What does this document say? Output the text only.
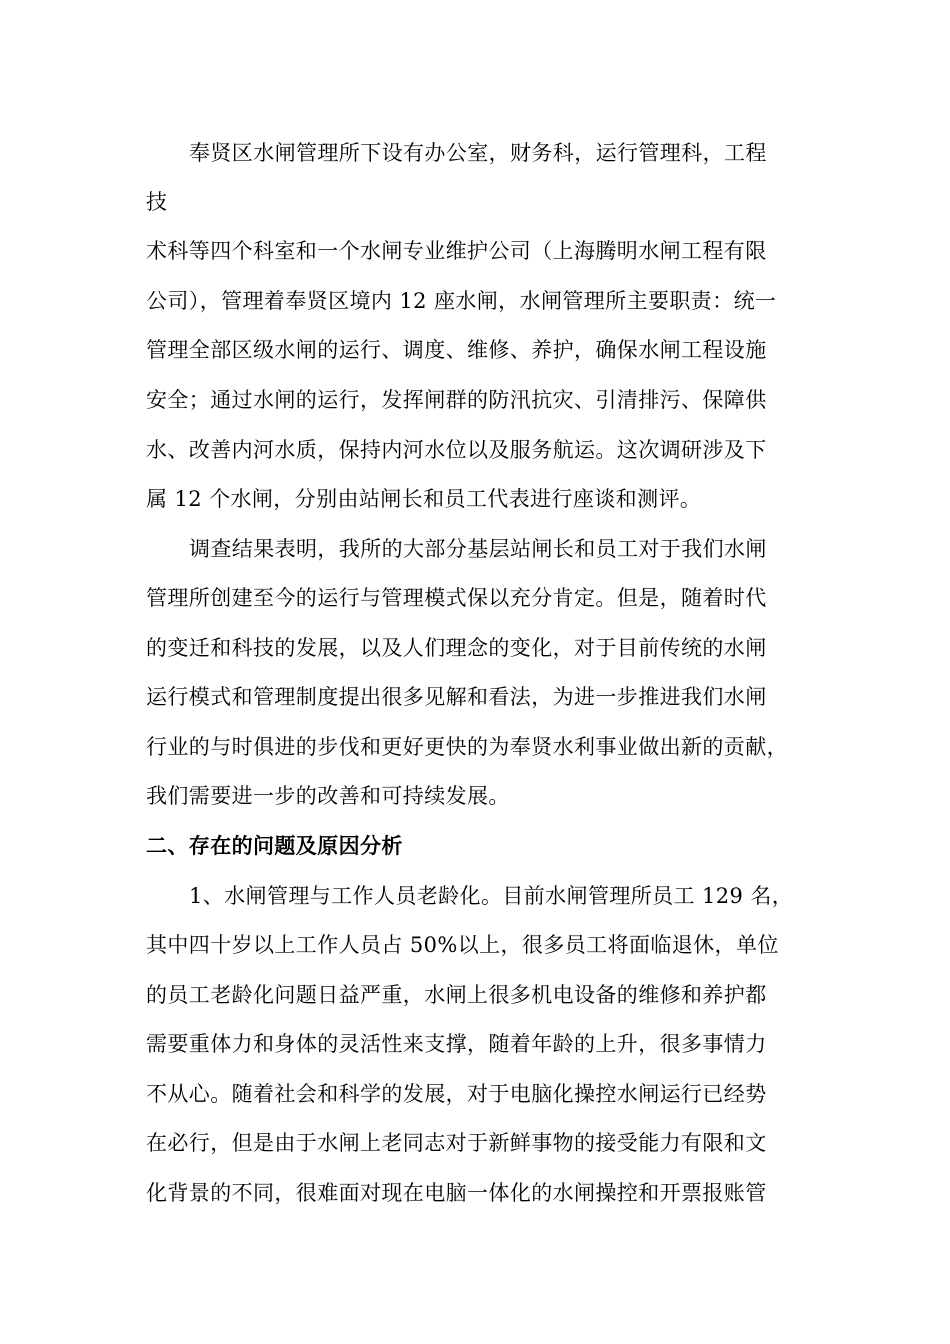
奉贤区水闸管理所下设有办公室，财务科，运行管理科，工程
技
术科等四个科室和一个水闸专业维护公司（上海腾明水闸工程有限
公司），管理着奉贤区境内 12 座水闸，水闸管理所主要职责：统一
管理全部区级水闸的运行、调度、维修、养护，确保水闸工程设施
安全；通过水闸的运行，发挥闸群的防汛抗灾、引清排污、保障供
水、改善内河水质，保持内河水位以及服务航运。这次调研涉及下
属 12 个水闸，分别由站闸长和员工代表进行座谈和测评。
调查结果表明，我所的大部分基层站闸长和员工对于我们水闸
管理所创建至今的运行与管理模式保以充分肯定。但是，随着时代
的变迁和科技的发展，以及人们理念的变化，对于目前传统的水闸
运行模式和管理制度提出很多见解和看法，为进一步推进我们水闸
行业的与时俱进的步伐和更好更快的为奉贤水利事业做出新的贡献，
我们需要进一步的改善和可持续发展。
二、存在的问题及原因分析
1、水闸管理与工作人员老龄化。目前水闸管理所员工 129 名，
其中四十岁以上工作人员占 50%以上，很多员工将面临退休，单位
的员工老龄化问题日益严重，水闸上很多机电设备的维修和养护都
需要重体力和身体的灵活性来支撑，随着年龄的上升，很多事情力
不从心。随着社会和科学的发展，对于电脑化操控水闸运行已经势
在必行，但是由于水闸上老同志对于新鲜事物的接受能力有限和文
化背景的不同，很难面对现在电脑一体化的水闸操控和开票报账管
